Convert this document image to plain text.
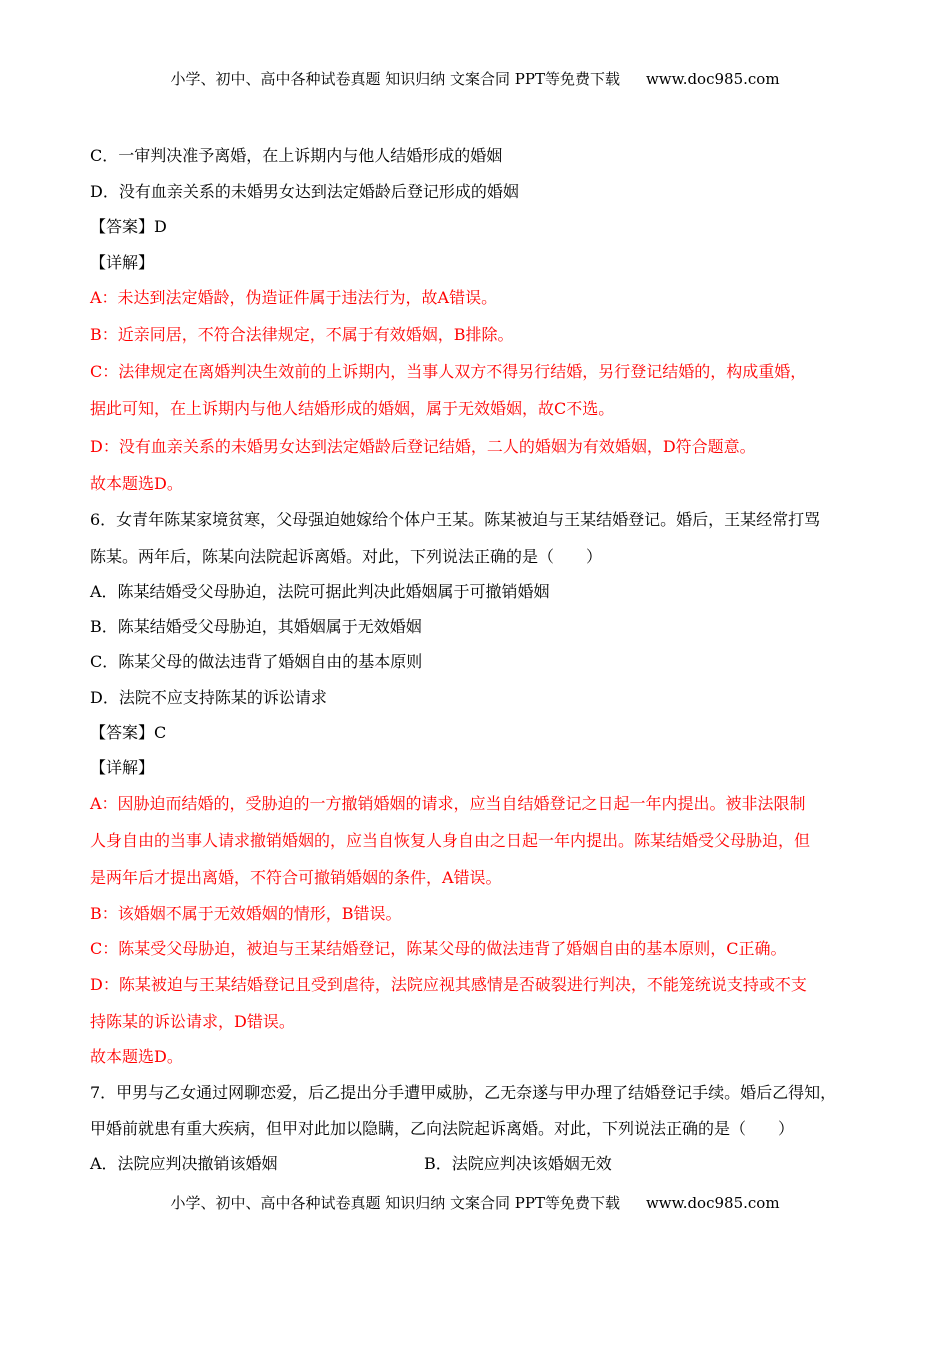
小学、初中、高中各种试卷真题 知识归纳 文案合同 PPT等免费下载 www.doc985.com
C．一审判决准予离婚，在上诉期内与他人结婚形成的婚姻
D．没有血亲关系的未婚男女达到法定婚龄后登记形成的婚姻
【答案】D
【详解】
A：未达到法定婚龄，伪造证件属于违法行为，故A错误。
B：近亲同居，不符合法律规定，不属于有效婚姻，B排除。
C：法律规定在离婚判决生效前的上诉期内，当事人双方不得另行结婚，另行登记结婚的，构成重婚，
据此可知，在上诉期内与他人结婚形成的婚姻，属于无效婚姻，故C不选。
D：没有血亲关系的未婚男女达到法定婚龄后登记结婚，二人的婚姻为有效婚姻，D符合题意。
故本题选D。
6．女青年陈某家境贫寒，父母强迫她嫁给个体户王某。陈某被迫与王某结婚登记。婚后，王某经常打骂
陈某。两年后，陈某向法院起诉离婚。对此，下列说法正确的是（　　）
A．陈某结婚受父母胁迫，法院可据此判决此婚姻属于可撤销婚姻
B．陈某结婚受父母胁迫，其婚姻属于无效婚姻
C．陈某父母的做法违背了婚姻自由的基本原则
D．法院不应支持陈某的诉讼请求
【答案】C
【详解】
A：因胁迫而结婚的，受胁迫的一方撤销婚姻的请求，应当自结婚登记之日起一年内提出。被非法限制
人身自由的当事人请求撤销婚姻的，应当自恢复人身自由之日起一年内提出。陈某结婚受父母胁迫，但
是两年后才提出离婚，不符合可撤销婚姻的条件，A错误。
B：该婚姻不属于无效婚姻的情形，B错误。
C：陈某受父母胁迫，被迫与王某结婚登记，陈某父母的做法违背了婚姻自由的基本原则，C正确。
D：陈某被迫与王某结婚登记且受到虐待，法院应视其感情是否破裂进行判决，不能笼统说支持或不支
持陈某的诉讼请求，D错误。
故本题选D。
7．甲男与乙女通过网聊恋爱，后乙提出分手遭甲威胁，乙无奈遂与甲办理了结婚登记手续。婚后乙得知，
甲婚前就患有重大疾病，但甲对此加以隐瞒，乙向法院起诉离婚。对此，下列说法正确的是（　　）
A．法院应判决撤销该婚姻	B．法院应判决该婚姻无效
小学、初中、高中各种试卷真题 知识归纳 文案合同 PPT等免费下载 www.doc985.com
